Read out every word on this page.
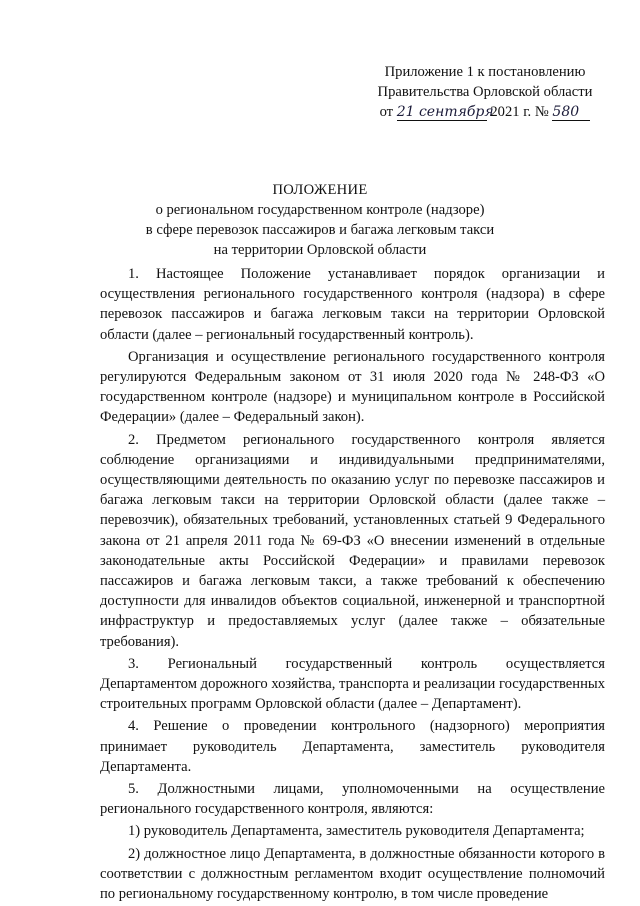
Приложение 1 к постановлению
Правительства Орловской области
от 21 сентября 2021 г. № 580
ПОЛОЖЕНИЕ
о региональном государственном контроле (надзоре)
в сфере перевозок пассажиров и багажа легковым такси
на территории Орловской области

1. Настоящее Положение устанавливает порядок организации и осуществления регионального государственного контроля (надзора) в сфере перевозок пассажиров и багажа легковым такси на территории Орловской области (далее – региональный государственный контроль).

Организация и осуществление регионального государственного контроля регулируются Федеральным законом от 31 июля 2020 года № 248-ФЗ «О государственном контроле (надзоре) и муниципальном контроле в Российской Федерации» (далее – Федеральный закон).

2. Предметом регионального государственного контроля является соблюдение организациями и индивидуальными предпринимателями, осуществляющими деятельность по оказанию услуг по перевозке пассажиров и багажа легковым такси на территории Орловской области (далее также – перевозчик), обязательных требований, установленных статьей 9 Федерального закона от 21 апреля 2011 года № 69-ФЗ «О внесении изменений в отдельные законодательные акты Российской Федерации» и правилами перевозок пассажиров и багажа легковым такси, а также требований к обеспечению доступности для инвалидов объектов социальной, инженерной и транспортной инфраструктур и предоставляемых услуг (далее также – обязательные требования).

3. Региональный государственный контроль осуществляется Департаментом дорожного хозяйства, транспорта и реализации государственных строительных программ Орловской области (далее – Департамент).

4. Решение о проведении контрольного (надзорного) мероприятия принимает руководитель Департамента, заместитель руководителя Департамента.

5. Должностными лицами, уполномоченными на осуществление регионального государственного контроля, являются:

1) руководитель Департамента, заместитель руководителя Департамента;

2) должностное лицо Департамента, в должностные обязанности которого в соответствии с должностным регламентом входит осуществление полномочий по региональному государственному контролю, в том числе проведение
